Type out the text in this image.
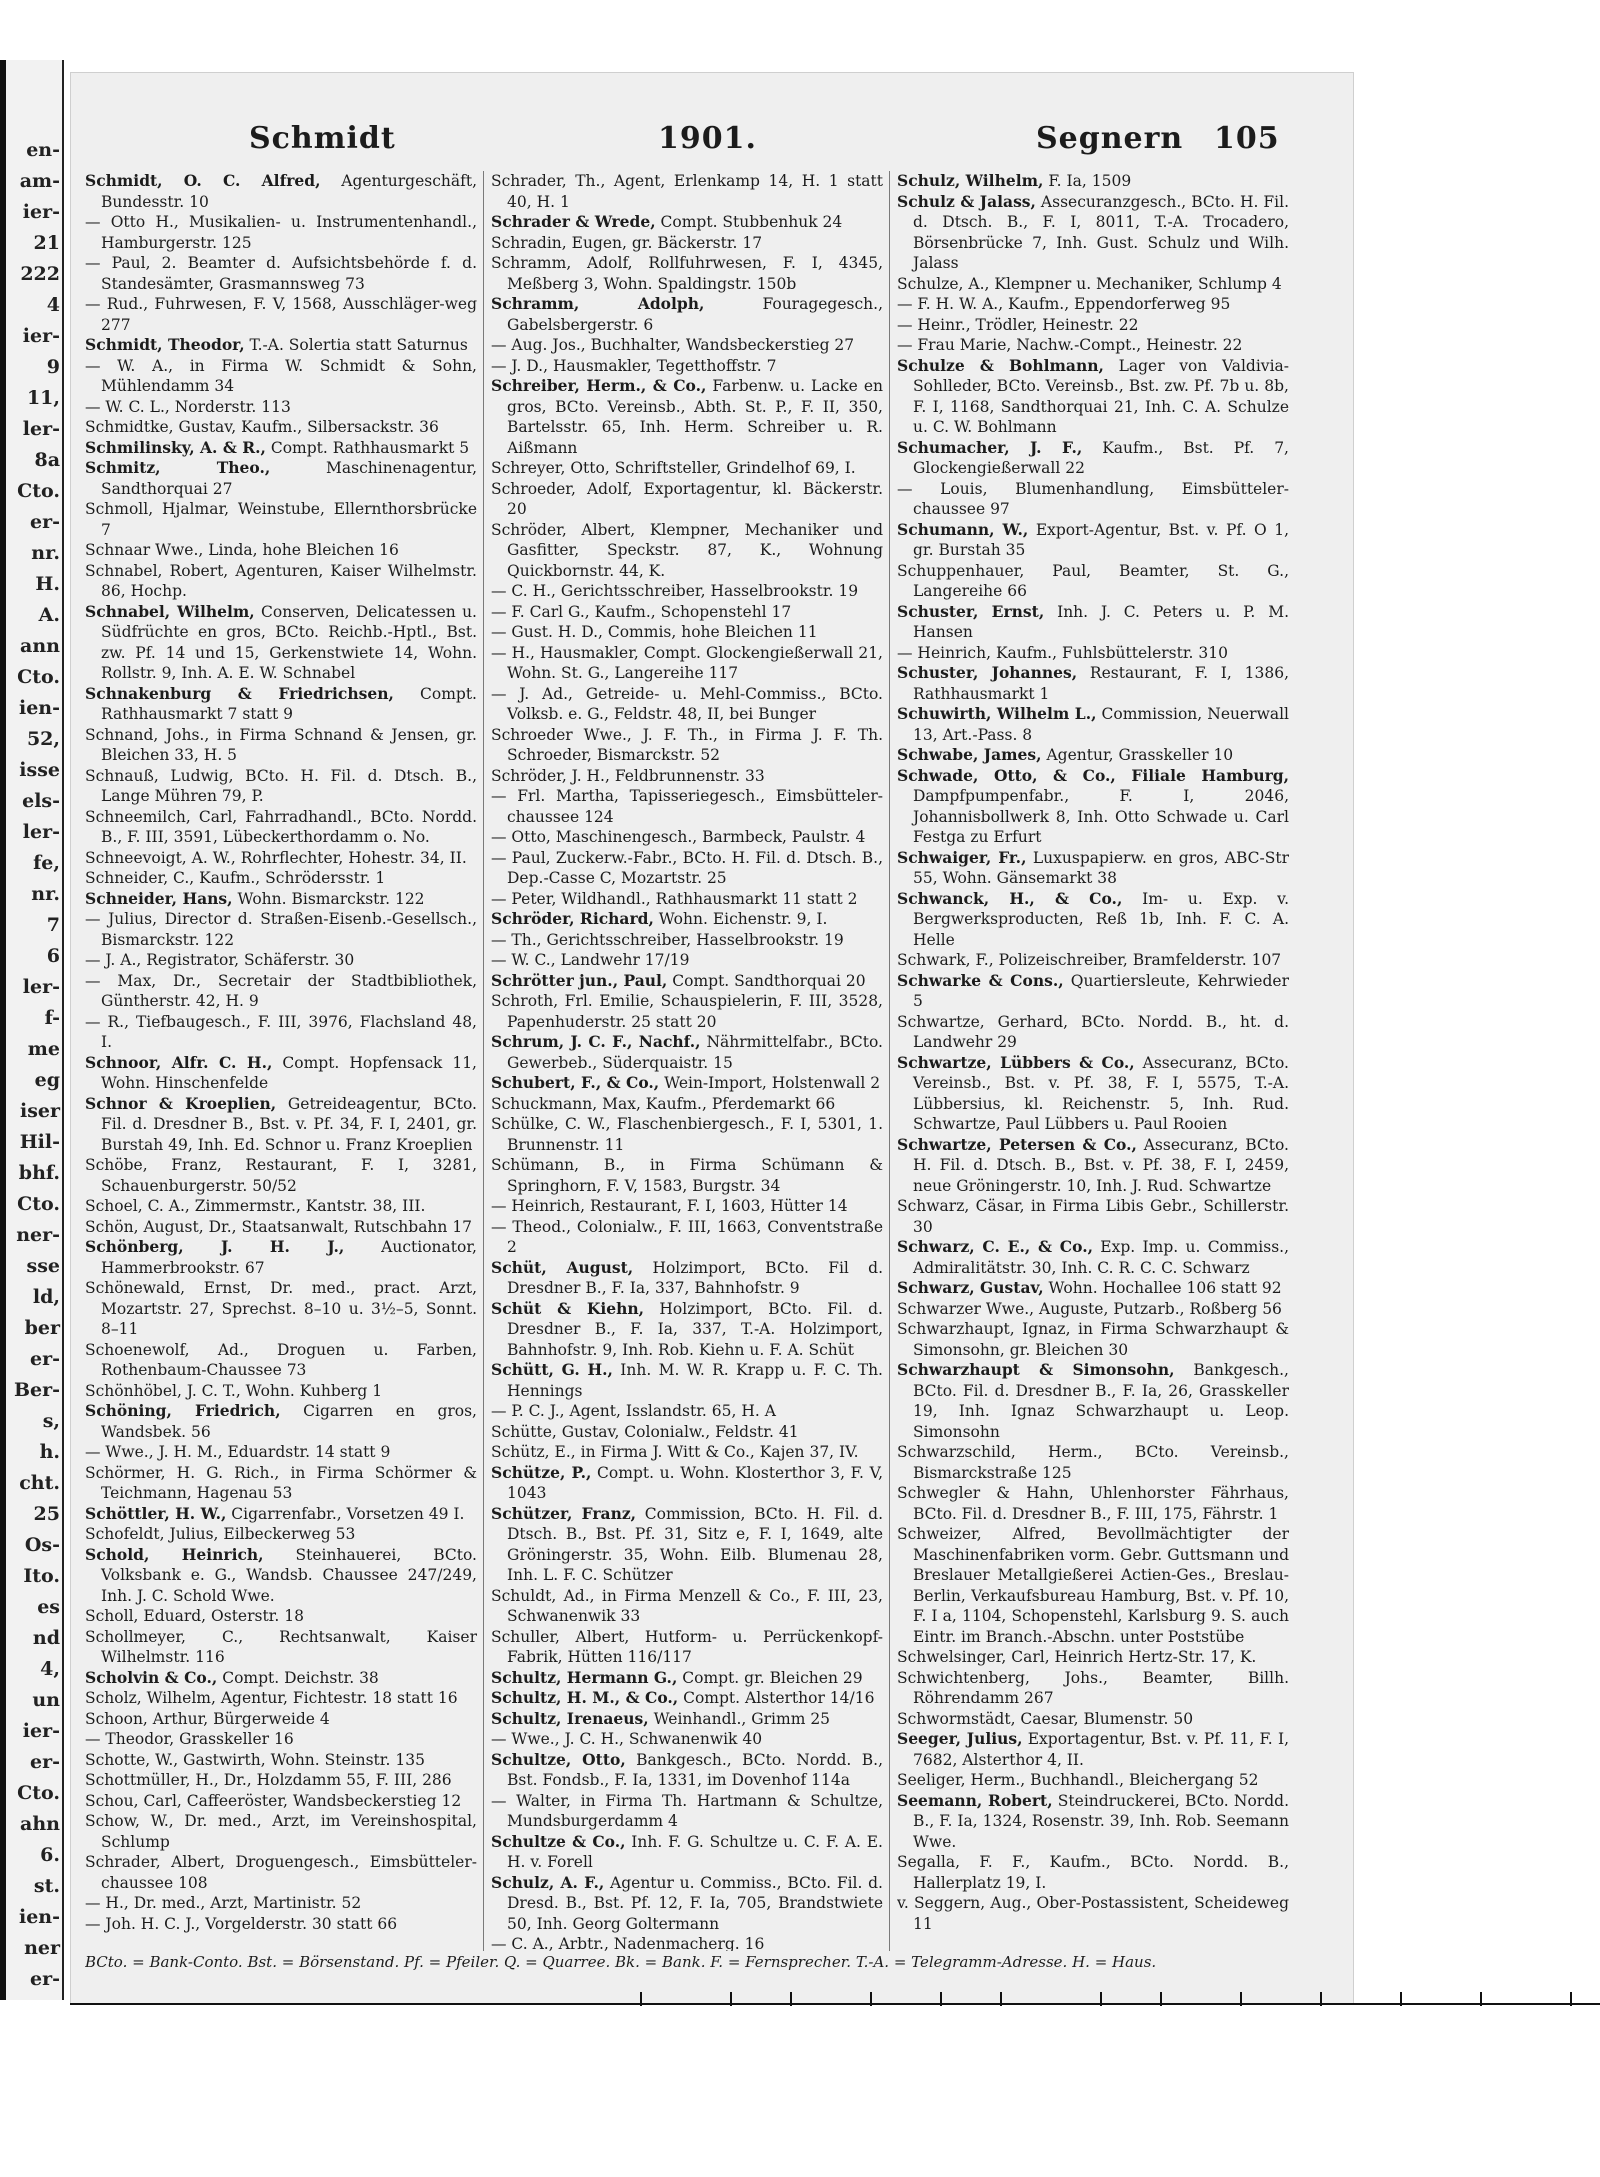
en-
am-
ier-
21
222
4
ier-
9
11,
ler-
8a
Cto.
er-
nr.
H.
A.
ann
Cto.
ien-
52,
isse
els-
ler-
fe,
nr.
7
6
ler-
f-
me
eg
iser
Hil-
bhf.
Cto.
ner-
sse
ld,
ber
er-
Ber-
s,
h.
cht.
25
Os-
Ito.
es
nd
4,
un
ier-
er-
Cto.
ahn
6.
st.
ien-
ner
er-
Schmidt	1901.	Segnern 105

Schmidt, O. C. Alfred, Agenturgeschäft, Bundesstr. 10

— Otto H., Musikalien- u. Instrumentenhandl., Hamburgerstr. 125

— Paul, 2. Beamter d. Aufsichtsbehörde f. d. Standesämter, Grasmannsweg 73

— Rud., Fuhrwesen, F. V, 1568, Ausschläger-weg 277

Schmidt, Theodor, T.-A. Solertia statt Saturnus

— W. A., in Firma W. Schmidt & Sohn, Mühlendamm 34

— W. C. L., Norderstr. 113

Schmidtke, Gustav, Kaufm., Silbersackstr. 36

Schmilinsky, A. & R., Compt. Rathhausmarkt 5

Schmitz, Theo., Maschinenagentur, Sandthorquai 27

Schmoll, Hjalmar, Weinstube, Ellernthorsbrücke 7

Schnaar Wwe., Linda, hohe Bleichen 16

Schnabel, Robert, Agenturen, Kaiser Wilhelmstr. 86, Hochp.

Schnabel, Wilhelm, Conserven, Delicatessen u. Südfrüchte en gros, BCto. Reichb.-Hptl., Bst. zw. Pf. 14 und 15, Gerkenstwiete 14, Wohn. Rollstr. 9, Inh. A. E. W. Schnabel

Schnakenburg & Friedrichsen, Compt. Rathhausmarkt 7 statt 9

Schnand, Johs., in Firma Schnand & Jensen, gr. Bleichen 33, H. 5

Schnauß, Ludwig, BCto. H. Fil. d. Dtsch. B., Lange Mühren 79, P.

Schneemilch, Carl, Fahrradhandl., BCto. Nordd. B., F. III, 3591, Lübeckerthordamm o. No.

Schneevoigt, A. W., Rohrflechter, Hohestr. 34, II.

Schneider, C., Kaufm., Schrödersstr. 1

Schneider, Hans, Wohn. Bismarckstr. 122

— Julius, Director d. Straßen-Eisenb.-Gesellsch., Bismarckstr. 122

— J. A., Registrator, Schäferstr. 30

— Max, Dr., Secretair der Stadtbibliothek, Güntherstr. 42, H. 9

— R., Tiefbaugesch., F. III, 3976, Flachsland 48, I.

Schnoor, Alfr. C. H., Compt. Hopfensack 11, Wohn. Hinschenfelde

Schnor & Kroeplien, Getreideagentur, BCto. Fil. d. Dresdner B., Bst. v. Pf. 34, F. I, 2401, gr. Burstah 49, Inh. Ed. Schnor u. Franz Kroeplien

Schöbe, Franz, Restaurant, F. I, 3281, Schauenburgerstr. 50/52

Schoel, C. A., Zimmermstr., Kantstr. 38, III.

Schön, August, Dr., Staatsanwalt, Rutschbahn 17

Schönberg, J. H. J., Auctionator, Hammerbrookstr. 67

Schönewald, Ernst, Dr. med., pract. Arzt, Mozartstr. 27, Sprechst. 8–10 u. 3½–5, Sonnt. 8–11

Schoenewolf, Ad., Droguen u. Farben, Rothenbaum-Chaussee 73

Schönhöbel, J. C. T., Wohn. Kuhberg 1

Schöning, Friedrich, Cigarren en gros, Wandsbek. 56

— Wwe., J. H. M., Eduardstr. 14 statt 9

Schörmer, H. G. Rich., in Firma Schörmer & Teichmann, Hagenau 53

Schöttler, H. W., Cigarrenfabr., Vorsetzen 49 I.

Schofeldt, Julius, Eilbeckerweg 53

Schold, Heinrich, Steinhauerei, BCto. Volksbank e. G., Wandsb. Chaussee 247/249, Inh. J. C. Schold Wwe.

Scholl, Eduard, Osterstr. 18

Schollmeyer, C., Rechtsanwalt, Kaiser Wilhelmstr. 116

Scholvin & Co., Compt. Deichstr. 38

Scholz, Wilhelm, Agentur, Fichtestr. 18 statt 16

Schoon, Arthur, Bürgerweide 4

— Theodor, Grasskeller 16

Schotte, W., Gastwirth, Wohn. Steinstr. 135

Schottmüller, H., Dr., Holzdamm 55, F. III, 286

Schou, Carl, Caffeeröster, Wandsbeckerstieg 12

Schow, W., Dr. med., Arzt, im Vereinshospital, Schlump

Schrader, Albert, Droguengesch., Eimsbütteler-chaussee 108

— H., Dr. med., Arzt, Martinistr. 52

— Joh. H. C. J., Vorgelderstr. 30 statt 66

Schrader, Th., Agent, Erlenkamp 14, H. 1 statt 40, H. 1

Schrader & Wrede, Compt. Stubbenhuk 24

Schradin, Eugen, gr. Bäckerstr. 17

Schramm, Adolf, Rollfuhrwesen, F. I, 4345, Meßberg 3, Wohn. Spaldingstr. 150b

Schramm, Adolph, Fouragegesch., Gabelsbergerstr. 6

— Aug. Jos., Buchhalter, Wandsbeckerstieg 27

— J. D., Hausmakler, Tegetthoffstr. 7

Schreiber, Herm., & Co., Farbenw. u. Lacke en gros, BCto. Vereinsb., Abth. St. P., F. II, 350, Bartelsstr. 65, Inh. Herm. Schreiber u. R. Aißmann

Schreyer, Otto, Schriftsteller, Grindelhof 69, I.

Schroeder, Adolf, Exportagentur, kl. Bäckerstr. 20

Schröder, Albert, Klempner, Mechaniker und Gasfitter, Speckstr. 87, K., Wohnung Quickbornstr. 44, K.

— C. H., Gerichtsschreiber, Hasselbrookstr. 19

— F. Carl G., Kaufm., Schopenstehl 17

— Gust. H. D., Commis, hohe Bleichen 11

— H., Hausmakler, Compt. Glockengießerwall 21, Wohn. St. G., Langereihe 117

— J. Ad., Getreide- u. Mehl-Commiss., BCto. Volksb. e. G., Feldstr. 48, II, bei Bunger

Schroeder Wwe., J. F. Th., in Firma J. F. Th. Schroeder, Bismarckstr. 52

Schröder, J. H., Feldbrunnenstr. 33

— Frl. Martha, Tapisseriegesch., Eimsbütteler-chaussee 124

— Otto, Maschinengesch., Barmbeck, Paulstr. 4

— Paul, Zuckerw.-Fabr., BCto. H. Fil. d. Dtsch. B., Dep.-Casse C, Mozartstr. 25

— Peter, Wildhandl., Rathhausmarkt 11 statt 2

Schröder, Richard, Wohn. Eichenstr. 9, I.

— Th., Gerichtsschreiber, Hasselbrookstr. 19

— W. C., Landwehr 17/19

Schrötter jun., Paul, Compt. Sandthorquai 20

Schroth, Frl. Emilie, Schauspielerin, F. III, 3528, Papenhuderstr. 25 statt 20

Schrum, J. C. F., Nachf., Nährmittelfabr., BCto. Gewerbeb., Süderquaistr. 15

Schubert, F., & Co., Wein-Import, Holstenwall 2

Schuckmann, Max, Kaufm., Pferdemarkt 66

Schülke, C. W., Flaschenbiergesch., F. I, 5301, 1. Brunnenstr. 11

Schümann, B., in Firma Schümann & Springhorn, F. V, 1583, Burgstr. 34

— Heinrich, Restaurant, F. I, 1603, Hütter 14

— Theod., Colonialw., F. III, 1663, Conventstraße 2

Schüt, August, Holzimport, BCto. Fil d. Dresdner B., F. Ia, 337, Bahnhofstr. 9

Schüt & Kiehn, Holzimport, BCto. Fil. d. Dresdner B., F. Ia, 337, T.-A. Holzimport, Bahnhofstr. 9, Inh. Rob. Kiehn u. F. A. Schüt

Schütt, G. H., Inh. M. W. R. Krapp u. F. C. Th. Hennings

— P. C. J., Agent, Isslandstr. 65, H. A

Schütte, Gustav, Colonialw., Feldstr. 41

Schütz, E., in Firma J. Witt & Co., Kajen 37, IV.

Schütze, P., Compt. u. Wohn. Klosterthor 3, F. V, 1043

Schützer, Franz, Commission, BCto. H. Fil. d. Dtsch. B., Bst. Pf. 31, Sitz e, F. I, 1649, alte Gröningerstr. 35, Wohn. Eilb. Blumenau 28, Inh. L. F. C. Schützer

Schuldt, Ad., in Firma Menzell & Co., F. III, 23, Schwanenwik 33

Schuller, Albert, Hutform- u. Perrückenkopf-Fabrik, Hütten 116/117

Schultz, Hermann G., Compt. gr. Bleichen 29

Schultz, H. M., & Co., Compt. Alsterthor 14/16

Schultz, Irenaeus, Weinhandl., Grimm 25

— Wwe., J. C. H., Schwanenwik 40

Schultze, Otto, Bankgesch., BCto. Nordd. B., Bst. Fondsb., F. Ia, 1331, im Dovenhof 114a

— Walter, in Firma Th. Hartmann & Schultze, Mundsburgerdamm 4

Schultze & Co., Inh. F. G. Schultze u. C. F. A. E. H. v. Forell

Schulz, A. F., Agentur u. Commiss., BCto. Fil. d. Dresd. B., Bst. Pf. 12, F. Ia, 705, Brandstwiete 50, Inh. Georg Goltermann

— C. A., Arbtr., Nadenmacherg. 16

Schulz, Wilhelm, F. Ia, 1509

Schulz & Jalass, Assecuranzgesch., BCto. H. Fil. d. Dtsch. B., F. I, 8011, T.-A. Trocadero, Börsenbrücke 7, Inh. Gust. Schulz und Wilh. Jalass

Schulze, A., Klempner u. Mechaniker, Schlump 4

— F. H. W. A., Kaufm., Eppendorferweg 95

— Heinr., Trödler, Heinestr. 22

— Frau Marie, Nachw.-Compt., Heinestr. 22

Schulze & Bohlmann, Lager von Valdivia-Sohlleder, BCto. Vereinsb., Bst. zw. Pf. 7b u. 8b, F. I, 1168, Sandthorquai 21, Inh. C. A. Schulze u. C. W. Bohlmann

Schumacher, J. F., Kaufm., Bst. Pf. 7, Glockengießerwall 22

— Louis, Blumenhandlung, Eimsbütteler-chaussee 97

Schumann, W., Export-Agentur, Bst. v. Pf. O 1, gr. Burstah 35

Schuppenhauer, Paul, Beamter, St. G., Langereihe 66

Schuster, Ernst, Inh. J. C. Peters u. P. M. Hansen

— Heinrich, Kaufm., Fuhlsbüttelerstr. 310

Schuster, Johannes, Restaurant, F. I, 1386, Rathhausmarkt 1

Schuwirth, Wilhelm L., Commission, Neuerwall 13, Art.-Pass. 8

Schwabe, James, Agentur, Grasskeller 10

Schwade, Otto, & Co., Filiale Hamburg, Dampfpumpenfabr., F. I, 2046, Johannisbollwerk 8, Inh. Otto Schwade u. Carl Festga zu Erfurt

Schwaiger, Fr., Luxuspapierw. en gros, ABC-Str 55, Wohn. Gänsemarkt 38

Schwanck, H., & Co., Im- u. Exp. v. Bergwerksproducten, Reß 1b, Inh. F. C. A. Helle

Schwark, F., Polizeischreiber, Bramfelderstr. 107

Schwarke & Cons., Quartiersleute, Kehrwieder 5

Schwartze, Gerhard, BCto. Nordd. B., ht. d. Landwehr 29

Schwartze, Lübbers & Co., Assecuranz, BCto. Vereinsb., Bst. v. Pf. 38, F. I, 5575, T.-A. Lübbersius, kl. Reichenstr. 5, Inh. Rud. Schwartze, Paul Lübbers u. Paul Rooien

Schwartze, Petersen & Co., Assecuranz, BCto. H. Fil. d. Dtsch. B., Bst. v. Pf. 38, F. I, 2459, neue Gröningerstr. 10, Inh. J. Rud. Schwartze

Schwarz, Cäsar, in Firma Libis Gebr., Schillerstr. 30

Schwarz, C. E., & Co., Exp. Imp. u. Commiss., Admiralitätstr. 30, Inh. C. R. C. C. Schwarz

Schwarz, Gustav, Wohn. Hochallee 106 statt 92

Schwarzer Wwe., Auguste, Putzarb., Roßberg 56

Schwarzhaupt, Ignaz, in Firma Schwarzhaupt & Simonsohn, gr. Bleichen 30

Schwarzhaupt & Simonsohn, Bankgesch., BCto. Fil. d. Dresdner B., F. Ia, 26, Grasskeller 19, Inh. Ignaz Schwarzhaupt u. Leop. Simonsohn

Schwarzschild, Herm., BCto. Vereinsb., Bismarckstraße 125

Schwegler & Hahn, Uhlenhorster Fährhaus, BCto. Fil. d. Dresdner B., F. III, 175, Fährstr. 1

Schweizer, Alfred, Bevollmächtigter der Maschinenfabriken vorm. Gebr. Guttsmann und Breslauer Metallgießerei Actien-Ges., Breslau-Berlin, Verkaufsbureau Hamburg, Bst. v. Pf. 10, F. I a, 1104, Schopenstehl, Karlsburg 9. S. auch Eintr. im Branch.-Abschn. unter Poststübe

Schwelsinger, Carl, Heinrich Hertz-Str. 17, K.

Schwichtenberg, Johs., Beamter, Billh. Röhrendamm 267

Schwormstädt, Caesar, Blumenstr. 50

Seeger, Julius, Exportagentur, Bst. v. Pf. 11, F. I, 7682, Alsterthor 4, II.

Seeliger, Herm., Buchhandl., Bleichergang 52

Seemann, Robert, Steindruckerei, BCto. Nordd. B., F. Ia, 1324, Rosenstr. 39, Inh. Rob. Seemann Wwe.

Segalla, F. F., Kaufm., BCto. Nordd. B., Hallerplatz 19, I.

v. Seggern, Aug., Ober-Postassistent, Scheideweg 11

BCto. = Bank-Conto. Bst. = Börsenstand. Pf. = Pfeiler. Q. = Quarree. Bk. = Bank. F. = Fernsprecher. T.-A. = Telegramm-Adresse. H. = Haus.
